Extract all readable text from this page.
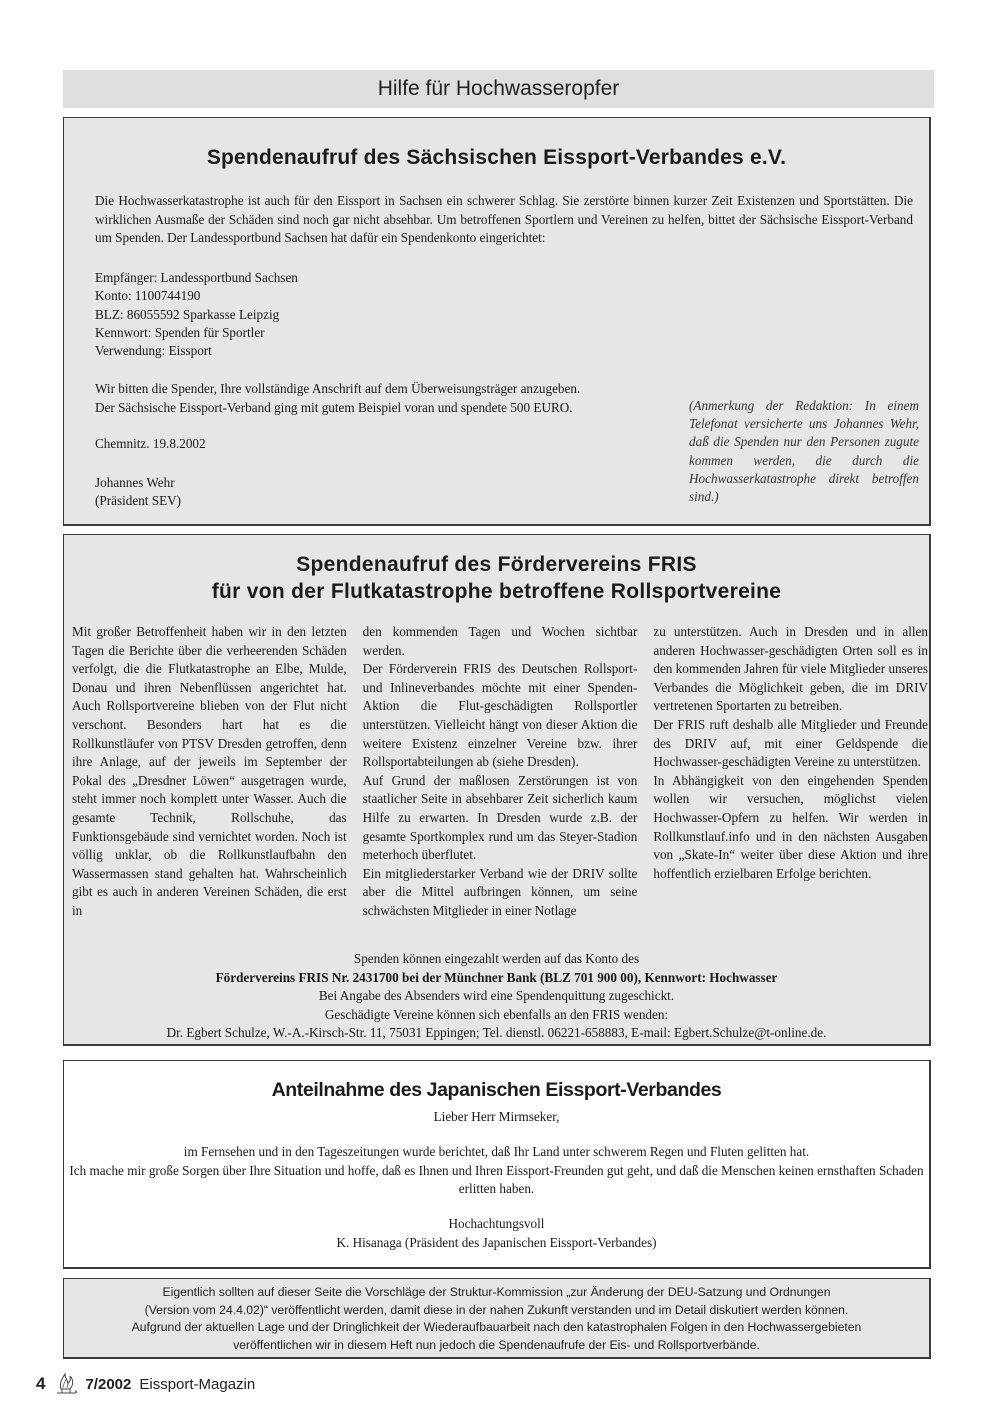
Hilfe für Hochwasseropfer
Spendenaufruf des Sächsischen Eissport-Verbandes e.V.
Die Hochwasserkatastrophe ist auch für den Eissport in Sachsen ein schwerer Schlag. Sie zerstörte binnen kurzer Zeit Existenzen und Sportstätten. Die wirklichen Ausmaße der Schäden sind noch gar nicht absehbar. Um betroffenen Sportlern und Vereinen zu helfen, bittet der Sächsische Eissport-Verband um Spenden. Der Landessportbund Sachsen hat dafür ein Spendenkonto eingerichtet:
Empfänger: Landessportbund Sachsen
Konto: 1100744190
BLZ: 86055592 Sparkasse Leipzig
Kennwort: Spenden für Sportler
Verwendung: Eissport
Wir bitten die Spender, Ihre vollständige Anschrift auf dem Überweisungsträger anzugeben.
Der Sächsische Eissport-Verband ging mit gutem Beispiel voran und spendete 500 EURO.
Chemnitz. 19.8.2002
Johannes Wehr
(Präsident SEV)
(Anmerkung der Redaktion: In einem Telefonat versicherte uns Johannes Wehr, daß die Spenden nur den Personen zugute kommen werden, die durch die Hochwasserkatastrophe direkt betroffen sind.)
Spendenaufruf des Fördervereins FRIS
für von der Flutkatastrophe betroffene Rollsportvereine

Mit großer Betroffenheit haben wir in den letzten Tagen die Berichte über die verheerenden Schäden verfolgt, die die Flutkatastrophe an Elbe, Mulde, Donau und ihren Nebenflüssen angerichtet hat. Auch Rollsportvereine blieben von der Flut nicht verschont. Besonders hart hat es die Rollkunstläufer von PTSV Dresden getroffen, denn ihre Anlage, auf der jeweils im September der Pokal des „Dresdner Löwen“ ausgetragen wurde, steht immer noch komplett unter Wasser. Auch die gesamte Technik, Rollschuhe, das Funktionsgebäude sind vernichtet worden. Noch ist völlig unklar, ob die Rollkunstlaufbahn den Wassermassen stand gehalten hat. Wahrscheinlich gibt es auch in anderen Vereinen Schäden, die erst in

den kommenden Tagen und Wochen sichtbar werden.

Der Förderverein FRIS des Deutschen Rollsport- und Inlineverbandes möchte mit einer Spenden-Aktion die Flut-geschädigten Rollsportler unterstützen. Vielleicht hängt von dieser Aktion die weitere Existenz einzelner Vereine bzw. ihrer Rollsportabteilungen ab (siehe Dresden).

Auf Grund der maßlosen Zerstörungen ist von staatlicher Seite in absehbarer Zeit sicherlich kaum Hilfe zu erwarten. In Dresden wurde z.B. der gesamte Sportkomplex rund um das Steyer-Stadion meterhoch überflutet.

Ein mitgliederstarker Verband wie der DRIV sollte aber die Mittel aufbringen können, um seine schwächsten Mitglieder in einer Notlage

zu unterstützen. Auch in Dresden und in allen anderen Hochwasser-geschädigten Orten soll es in den kommenden Jahren für viele Mitglieder unseres Verbandes die Möglichkeit geben, die im DRIV vertretenen Sportarten zu betreiben.

Der FRIS ruft deshalb alle Mitglieder und Freunde des DRIV auf, mit einer Geldspende die Hochwasser-geschädigten Vereine zu unterstützen.

In Abhängigkeit von den eingehenden Spenden wollen wir versuchen, möglichst vielen Hochwasser-Opfern zu helfen. Wir werden in Rollkunstlauf.info und in den nächsten Ausgaben von „Skate-In“ weiter über diese Aktion und ihre hoffentlich erzielbaren Erfolge berichten.

Spenden können eingezahlt werden auf das Konto des
Fördervereins FRIS Nr. 2431700 bei der Münchner Bank (BLZ 701 900 00), Kennwort: Hochwasser
Bei Angabe des Absenders wird eine Spendenquittung zugeschickt.
Geschädigte Vereine können sich ebenfalls an den FRIS wenden:
Dr. Egbert Schulze, W.-A.-Kirsch-Str. 11, 75031 Eppingen; Tel. dienstl. 06221-658883, E-mail: Egbert.Schulze@t-online.de.
Anteilnahme des Japanischen Eissport-Verbandes
Lieber Herr Mirmseker,
im Fernsehen und in den Tageszeitungen wurde berichtet, daß Ihr Land unter schwerem Regen und Fluten gelitten hat.
Ich mache mir große Sorgen über Ihre Situation und hoffe, daß es Ihnen und Ihren Eissport-Freunden gut geht, und daß die Menschen keinen ernsthaften Schaden erlitten haben.
Hochachtungsvoll
K. Hisanaga (Präsident des Japanischen Eissport-Verbandes)
Eigentlich sollten auf dieser Seite die Vorschläge der Struktur-Kommission „zur Änderung der DEU-Satzung und Ordnungen
(Version vom 24.4.02)“ veröffentlicht werden, damit diese in der nahen Zukunft verstanden und im Detail diskutiert werden können.
Aufgrund der aktuellen Lage und der Dringlichkeit der Wiederaufbauarbeit nach den katastrophalen Folgen in den Hochwassergebieten
veröffentlichen wir in diesem Heft nun jedoch die Spendenaufrufe der Eis- und Rollsportverbände.
4	7/2002 Eissport-Magazin
